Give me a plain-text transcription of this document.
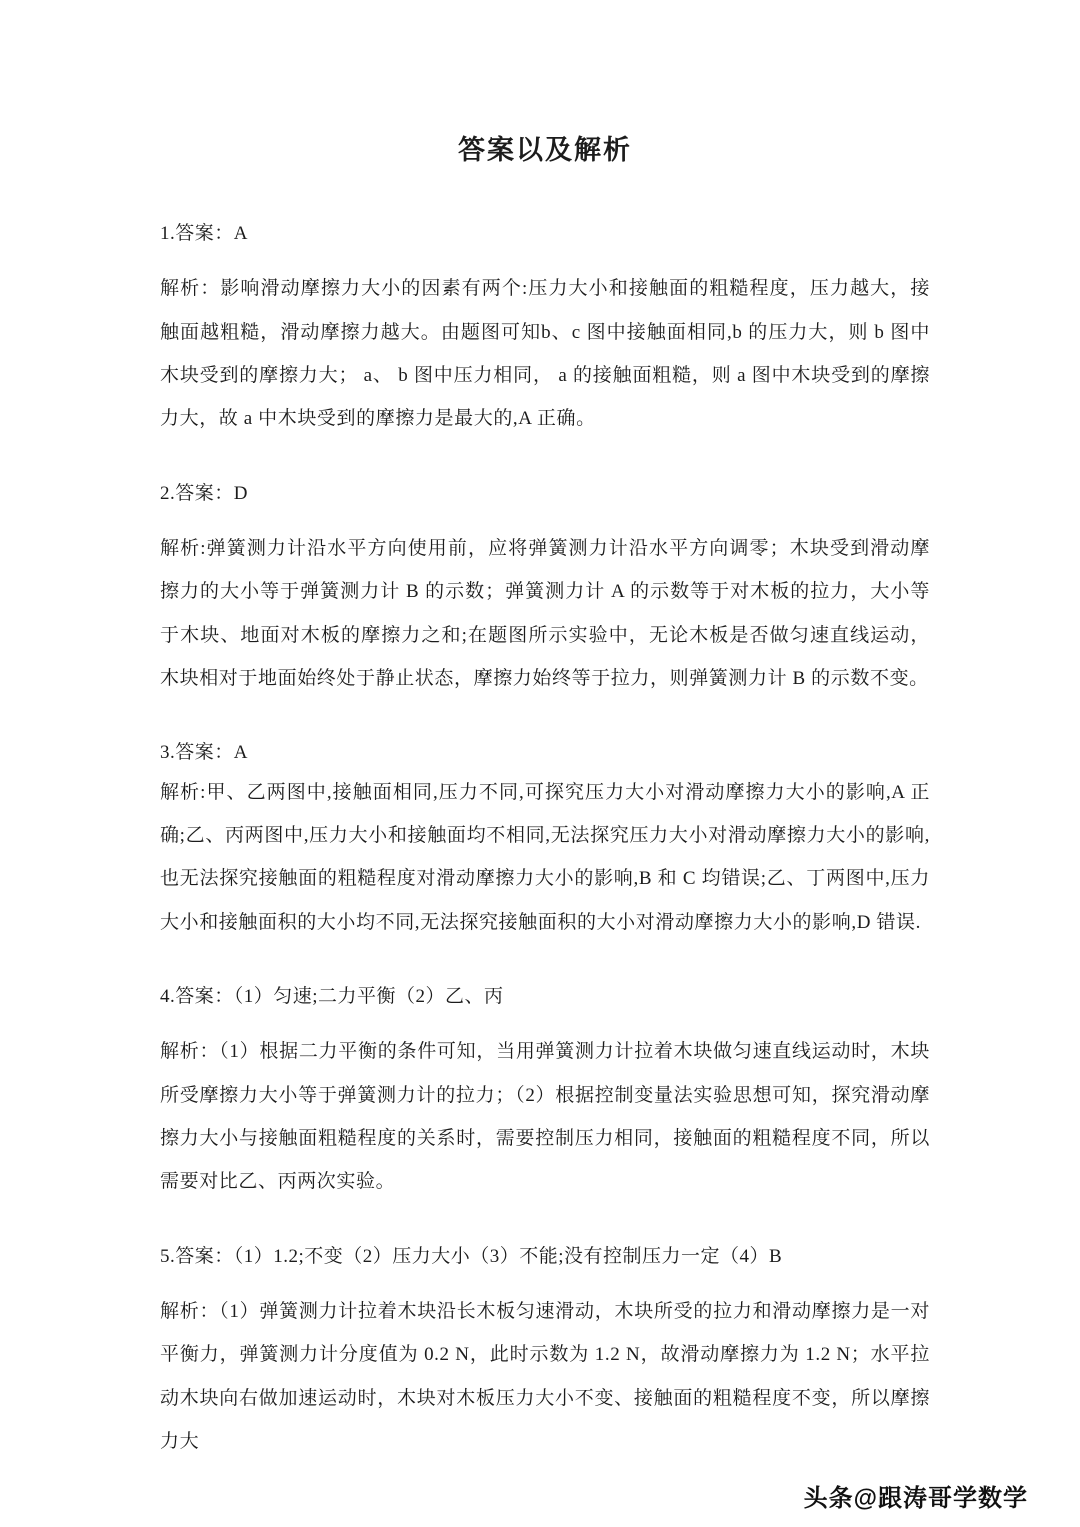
答案以及解析

1.答案：A

解析：影响滑动摩擦力大小的因素有两个:压力大小和接触面的粗糙程度，压力越大，接触面越粗糙，滑动摩擦力越大。由题图可知b、c 图中接触面相同,b 的压力大，则 b 图中木块受到的摩擦力大； a、 b 图中压力相同， a 的接触面粗糙，则 a 图中木块受到的摩擦力大，故 a 中木块受到的摩擦力是最大的,A 正确。

2.答案：D

解析:弹簧测力计沿水平方向使用前，应将弹簧测力计沿水平方向调零；木块受到滑动摩擦力的大小等于弹簧测力计 B 的示数；弹簧测力计 A 的示数等于对木板的拉力，大小等于木块、地面对木板的摩擦力之和;在题图所示实验中，无论木板是否做匀速直线运动，木块相对于地面始终处于静止状态，摩擦力始终等于拉力，则弹簧测力计 B 的示数不变。

3.答案：A

解析:甲、乙两图中,接触面相同,压力不同,可探究压力大小对滑动摩擦力大小的影响,A 正确;乙、丙两图中,压力大小和接触面均不相同,无法探究压力大小对滑动摩擦力大小的影响,也无法探究接触面的粗糙程度对滑动摩擦力大小的影响,B 和 C 均错误;乙、丁两图中,压力大小和接触面积的大小均不同,无法探究接触面积的大小对滑动摩擦力大小的影响,D 错误.

4.答案：（1）匀速;二力平衡（2）乙、丙

解析：（1）根据二力平衡的条件可知，当用弹簧测力计拉着木块做匀速直线运动时，木块所受摩擦力大小等于弹簧测力计的拉力；（2）根据控制变量法实验思想可知，探究滑动摩擦力大小与接触面粗糙程度的关系时，需要控制压力相同，接触面的粗糙程度不同，所以需要对比乙、丙两次实验。

5.答案：（1）1.2;不变（2）压力大小（3）不能;没有控制压力一定（4）B

解析：（1）弹簧测力计拉着木块沿长木板匀速滑动，木块所受的拉力和滑动摩擦力是一对平衡力，弹簧测力计分度值为 0.2 N，此时示数为 1.2 N，故滑动摩擦力为 1.2 N；水平拉动木块向右做加速运动时，木块对木板压力大小不变、接触面的粗糙程度不变，所以摩擦力大

头条@跟涛哥学数学
